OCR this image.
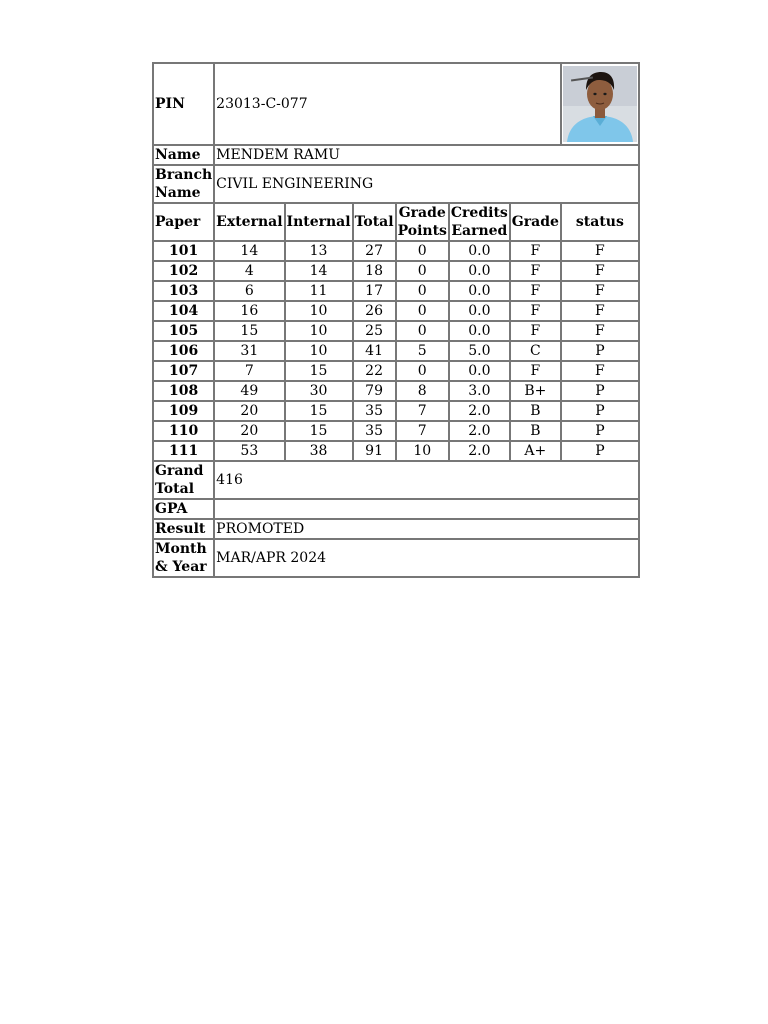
PIN	23013-C-077	

Name	MENDEM RAMU						
Branch Name	CIVIL ENGINEERING						
Paper	External	Internal	Total	Grade Points	Credits Earned	Grade	status
101	14	13	27	0	0.0	F	F
102	4	14	18	0	0.0	F	F
103	6	11	17	0	0.0	F	F
104	16	10	26	0	0.0	F	F
105	15	10	25	0	0.0	F	F
106	31	10	41	5	5.0	C	P
107	7	15	22	0	0.0	F	F
108	49	30	79	8	3.0	B+	P
109	20	15	35	7	2.0	B	P
110	20	15	35	7	2.0	B	P
111	53	38	91	10	2.0	A+	P
Grand Total	416						
GPA							
Result	PROMOTED						
Month & Year	MAR/APR 2024						
